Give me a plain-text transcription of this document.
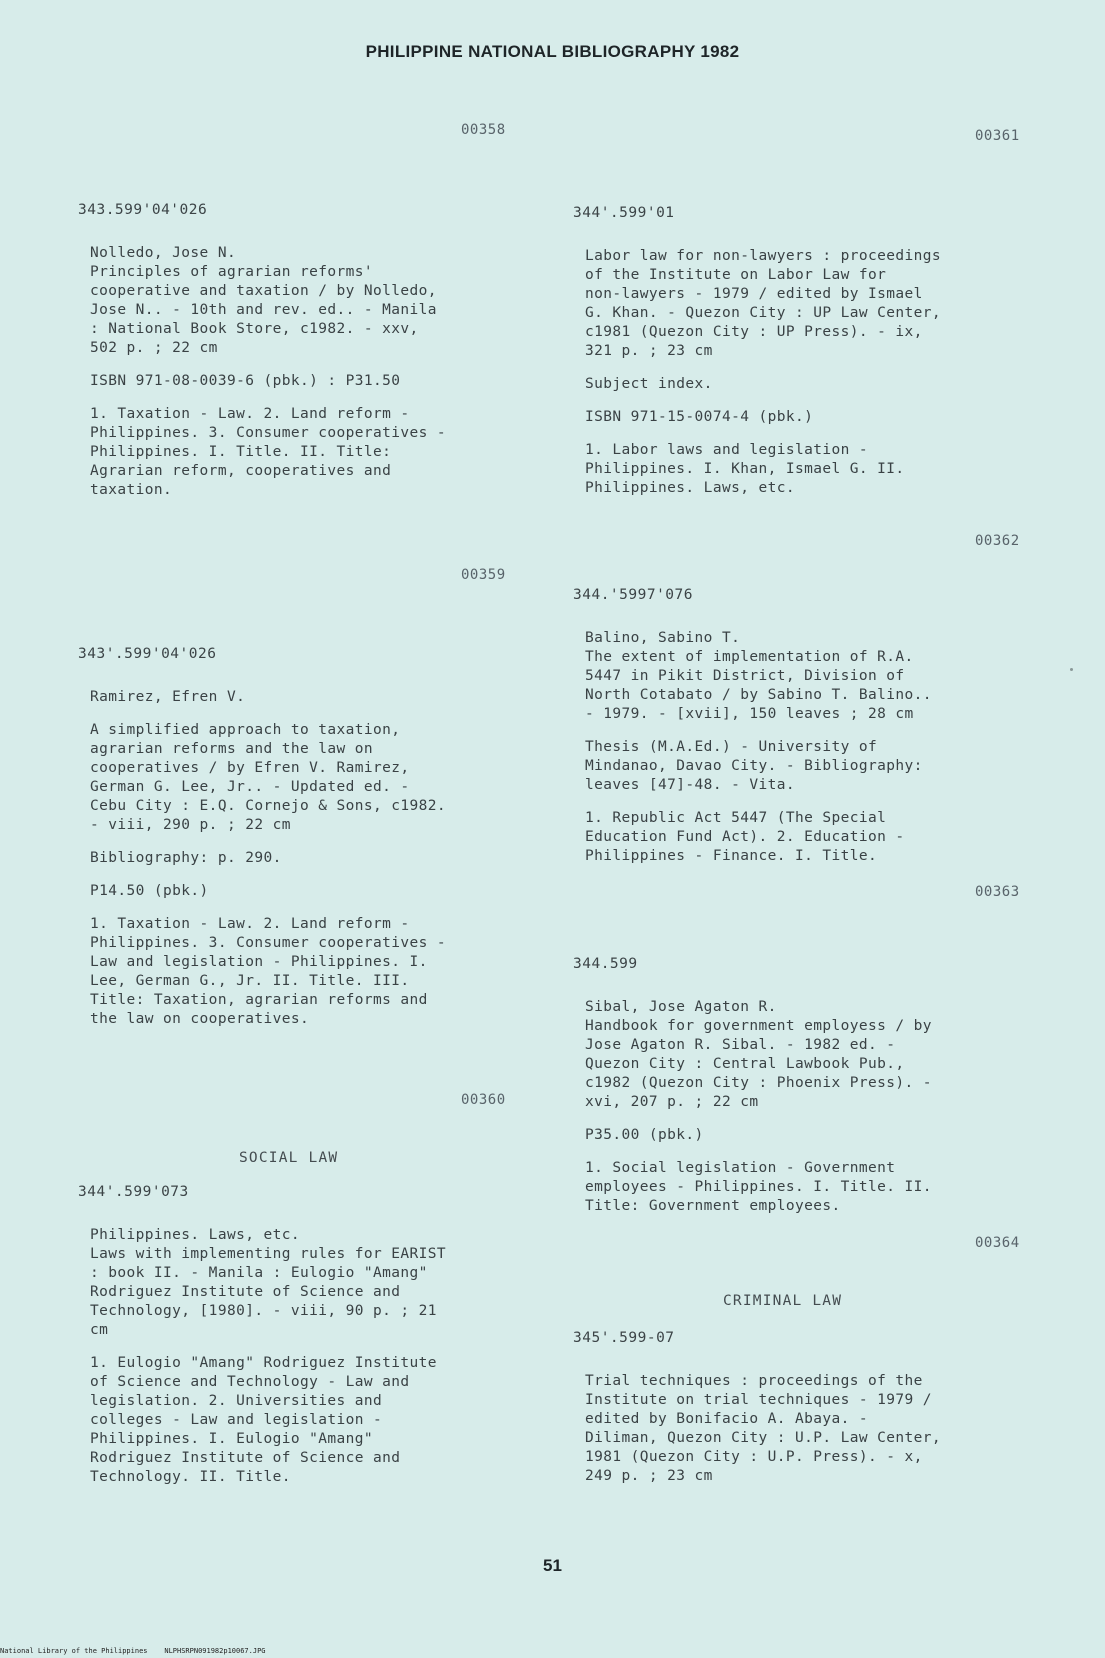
PHILIPPINE NATIONAL BIBLIOGRAPHY 1982
00358
343.599'04'026
Nolledo, Jose N.
Principles of agrarian reforms'
cooperative and taxation / by Nolledo,
Jose N.. - 10th and rev. ed.. - Manila
: National Book Store, c1982. - xxv,
502 p. ; 22 cm
ISBN 971-08-0039-6 (pbk.) : P31.50
1. Taxation - Law. 2. Land reform -
Philippines. 3. Consumer cooperatives -
Philippines. I. Title. II. Title:
Agrarian reform, cooperatives and
taxation.
00359
343'.599'04'026
Ramirez, Efren V.
A simplified approach to taxation,
agrarian reforms and the law on
cooperatives / by Efren V. Ramirez,
German G. Lee, Jr.. - Updated ed. -
Cebu City : E.Q. Cornejo & Sons, c1982.
- viii, 290 p. ; 22 cm
Bibliography: p. 290.
P14.50 (pbk.)
1. Taxation - Law. 2. Land reform -
Philippines. 3. Consumer cooperatives -
Law and legislation - Philippines. I.
Lee, German G., Jr. II. Title. III.
Title: Taxation, agrarian reforms and
the law on cooperatives.
00360
SOCIAL LAW
344'.599'073
Philippines. Laws, etc.
Laws with implementing rules for EARIST
: book II. - Manila : Eulogio "Amang"
Rodriguez Institute of Science and
Technology, [1980]. - viii, 90 p. ; 21
cm
1. Eulogio "Amang" Rodriguez Institute
of Science and Technology - Law and
legislation. 2. Universities and
colleges - Law and legislation -
Philippines. I. Eulogio "Amang"
Rodriguez Institute of Science and
Technology. II. Title.
00361
344'.599'01
Labor law for non-lawyers : proceedings
of the Institute on Labor Law for
non-lawyers - 1979 / edited by Ismael
G. Khan. - Quezon City : UP Law Center,
c1981 (Quezon City : UP Press). - ix,
321 p. ; 23 cm
Subject index.
ISBN 971-15-0074-4 (pbk.)
1. Labor laws and legislation -
Philippines. I. Khan, Ismael G. II.
Philippines. Laws, etc.
00362
344.'5997'076
Balino, Sabino T.
The extent of implementation of R.A.
5447 in Pikit District, Division of
North Cotabato / by Sabino T. Balino..
- 1979. - [xvii], 150 leaves ; 28 cm
Thesis (M.A.Ed.) - University of
Mindanao, Davao City. - Bibliography:
leaves [47]-48. - Vita.
1. Republic Act 5447 (The Special
Education Fund Act). 2. Education -
Philippines - Finance. I. Title.
00363
344.599
Sibal, Jose Agaton R.
Handbook for government employess / by
Jose Agaton R. Sibal. - 1982 ed. -
Quezon City : Central Lawbook Pub.,
c1982 (Quezon City : Phoenix Press). -
xvi, 207 p. ; 22 cm
P35.00 (pbk.)
1. Social legislation - Government
employees - Philippines. I. Title. II.
Title: Government employees.
00364
CRIMINAL LAW
345'.599-07
Trial techniques : proceedings of the
Institute on trial techniques - 1979 /
edited by Bonifacio A. Abaya. -
Diliman, Quezon City : U.P. Law Center,
1981 (Quezon City : U.P. Press). - x,
249 p. ; 23 cm
51
National Library of the Philippines    NLPHSRPN091982p10067.JPG
